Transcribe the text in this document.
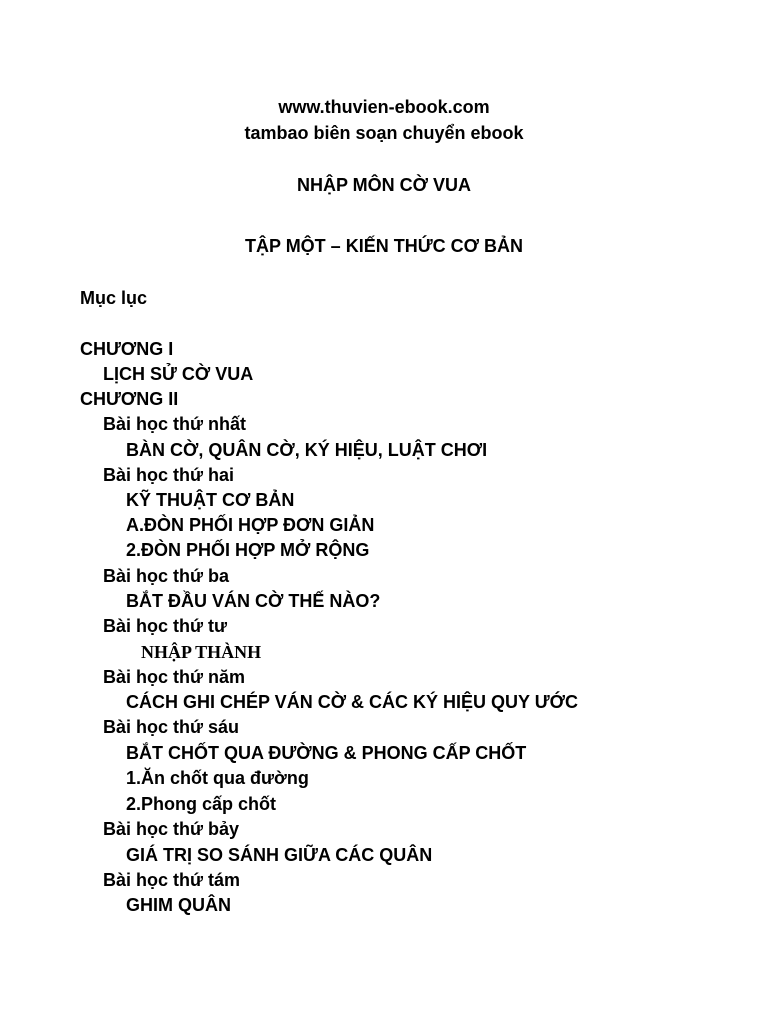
www.thuvien-ebook.com
tambao biên soạn chuyển ebook
NHẬP MÔN CỜ VUA
TẬP MỘT – KIẾN THỨC CƠ BẢN
Mục lục
CHƯƠNG I
LỊCH SỬ CỜ VUA
CHƯƠNG II
Bài học thứ nhất
BÀN CỜ, QUÂN CỜ, KÝ HIỆU, LUẬT CHƠI
Bài học thứ hai
KỸ THUẬT CƠ BẢN
A.ĐÒN PHỐI HỢP ĐƠN GIẢN
2.ĐÒN PHỐI HỢP MỞ RỘNG
Bài học thứ ba
BẮT ĐẦU VÁN CỜ THẾ NÀO?
Bài học thứ tư
NHẬP THÀNH
Bài học thứ năm
CÁCH GHI CHÉP VÁN CỜ & CÁC KÝ HIỆU QUY ƯỚC
Bài học thứ sáu
BẮT CHỐT QUA ĐƯỜNG & PHONG CẤP CHỐT
1.Ăn chốt qua đường
2.Phong cấp chốt
Bài học thứ bảy
GIÁ TRỊ SO SÁNH GIỮA CÁC QUÂN
Bài học thứ tám
GHIM QUÂN
